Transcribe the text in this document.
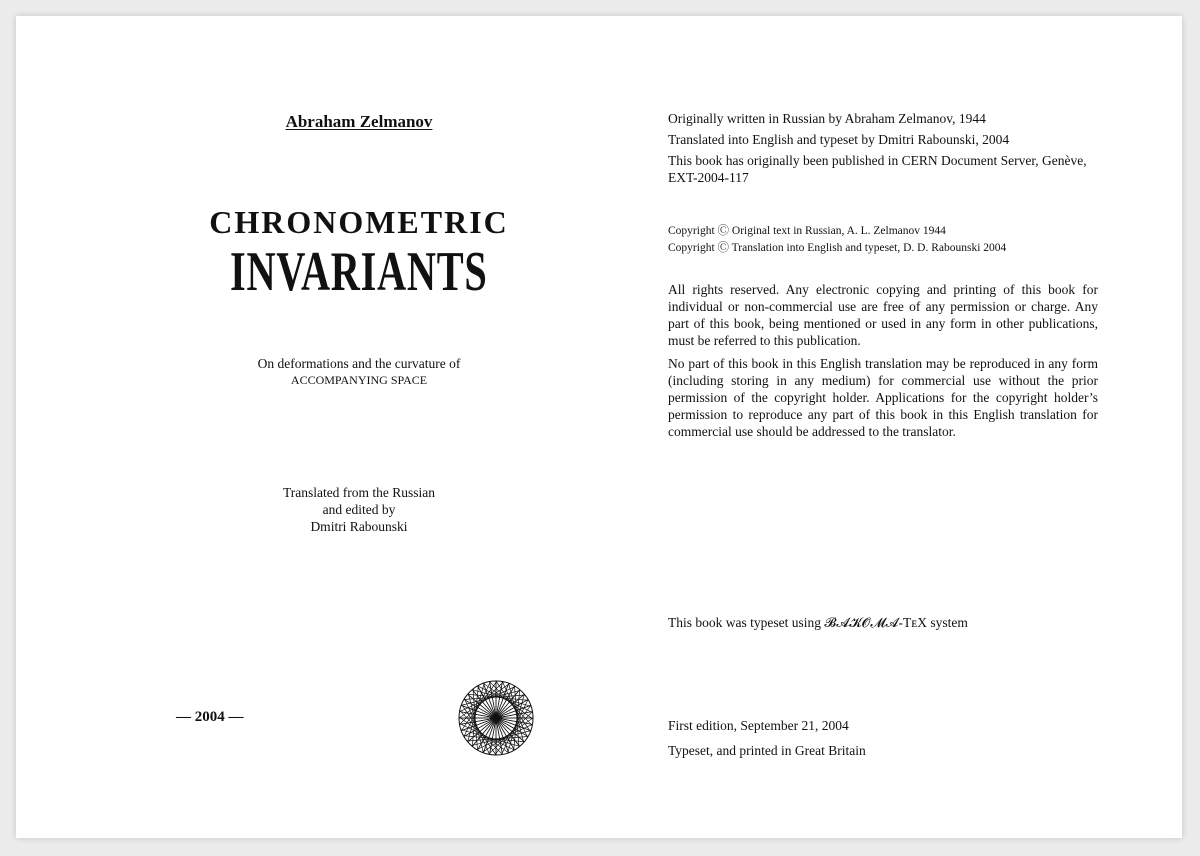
Abraham Zelmanov
CHRONOMETRIC
INVARIANTS
On deformations and the curvature of
ACCOMPANYING SPACE
Translated from the Russian
and edited by
Dmitri Rabounski
— 2004 —

Originally written in Russian by Abraham Zelmanov, 1944

Translated into English and typeset by Dmitri Rabounski, 2004

This book has originally been published in CERN Document Server, Genève, EXT-2004-117

Copyright Ⓒ Original text in Russian, A. L. Zelmanov 1944

Copyright Ⓒ Translation into English and typeset, D. D. Rabounski 2004

All rights reserved. Any electronic copying and printing of this book for individual or non-commercial use are free of any permission or charge. Any part of this book, being mentioned or used in any form in other publications, must be referred to this publication.

No part of this book in this English translation may be reproduced in any form (including storing in any medium) for commercial use without the prior permission of the copyright holder. Applications for the copyright holder’s permission to reproduce any part of this book in this English translation for commercial use should be addressed to the translator.

This book was typeset using 𝓑𝓐𝓚𝓞𝓜𝓐-TᴇX system

First edition, September 21, 2004

Typeset, and printed in Great Britain
